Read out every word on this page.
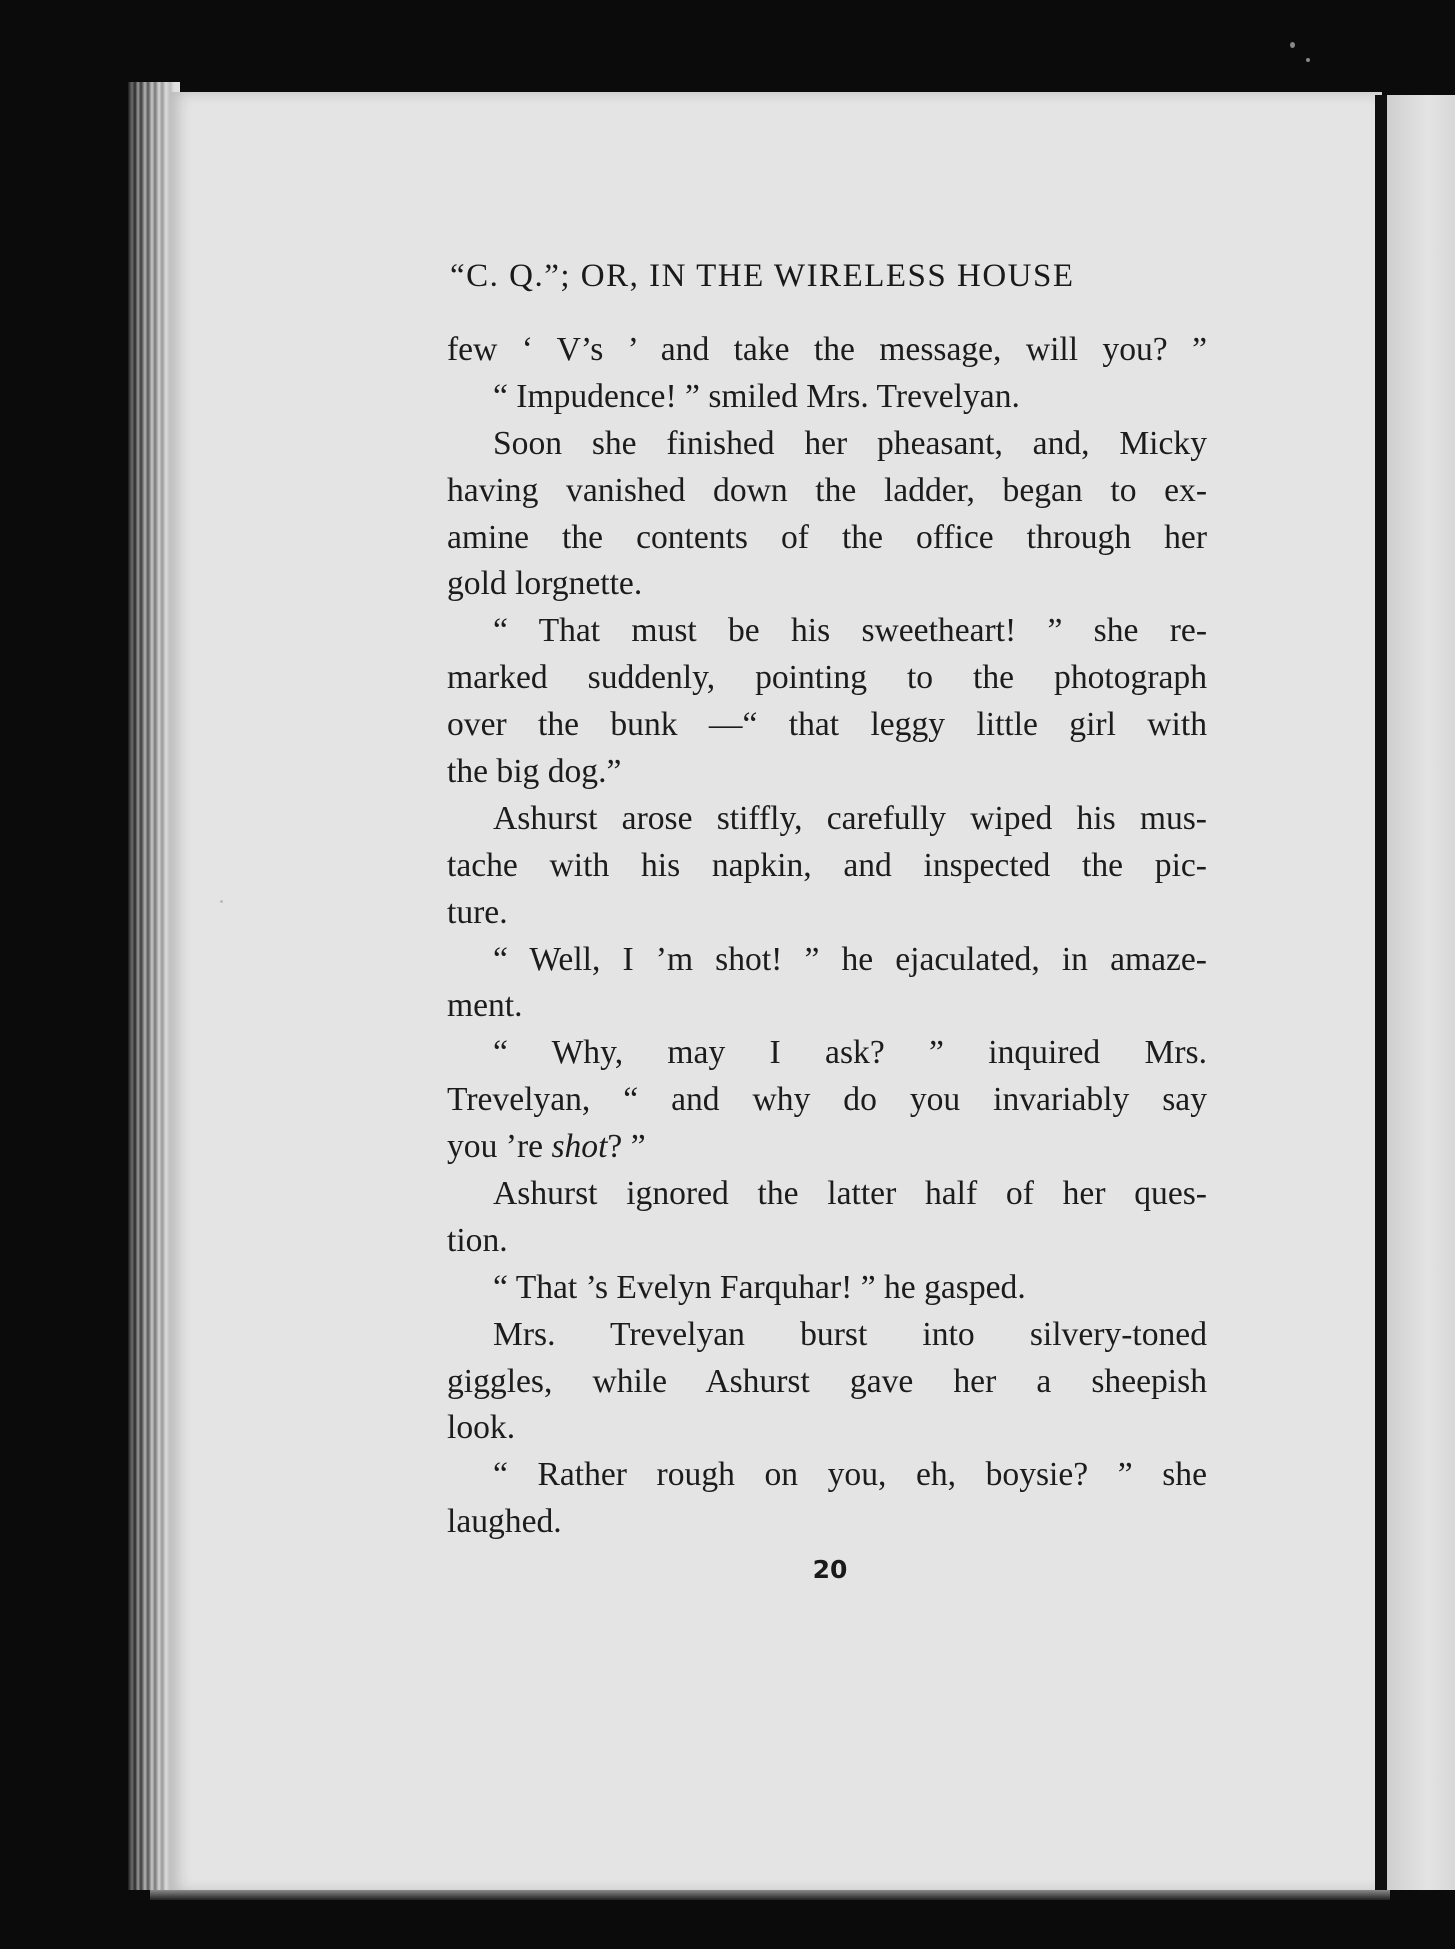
“C. Q.”; OR, IN THE WIRELESS HOUSE
few ‘ V’s ’ and take the message, will you? ”
“ Impudence! ” smiled Mrs. Trevelyan.
Soon she finished her pheasant, and, Micky
having vanished down the ladder, began to ex-
amine the contents of the office through her
gold lorgnette.
“ That must be his sweetheart! ” she re-
marked suddenly, pointing to the photograph
over the bunk —“ that leggy little girl with
the big dog.”
Ashurst arose stiffly, carefully wiped his mus-
tache with his napkin, and inspected the pic-
ture.
“ Well, I ’m shot! ” he ejaculated, in amaze-
ment.
“ Why, may I ask? ” inquired Mrs.
Trevelyan, “ and why do you invariably say
you ’re shot? ”
Ashurst ignored the latter half of her ques-
tion.
“ That ’s Evelyn Farquhar! ” he gasped.
Mrs. Trevelyan burst into silvery-toned
giggles, while Ashurst gave her a sheepish
look.
“ Rather rough on you, eh, boysie? ” she
laughed.
20
